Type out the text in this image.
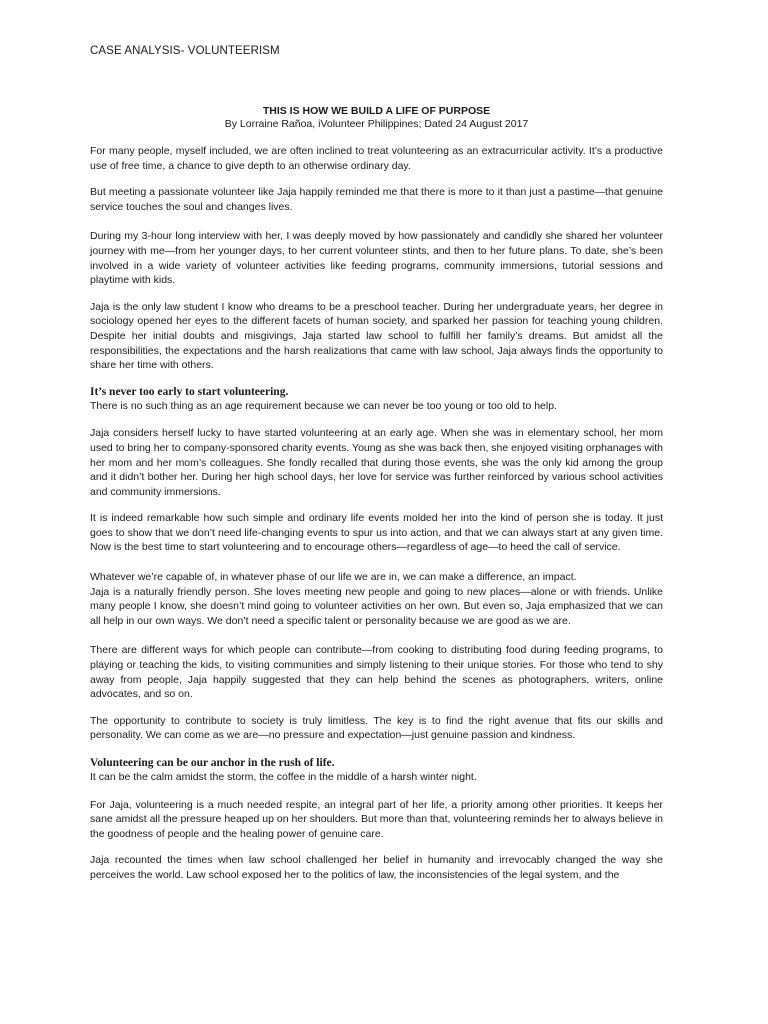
CASE ANALYSIS- VOLUNTEERISM
THIS IS HOW WE BUILD A LIFE OF PURPOSE
By Lorraine Rañoa, iVolunteer Philippines; Dated 24 August 2017

For many people, myself included, we are often inclined to treat volunteering as an extracurricular activity. It’s a productive use of free time, a chance to give depth to an otherwise ordinary day.

But meeting a passionate volunteer like Jaja happily reminded me that there is more to it than just a pastime—that genuine service touches the soul and changes lives.

During my 3-hour long interview with her, I was deeply moved by how passionately and candidly she shared her volunteer journey with me—from her younger days, to her current volunteer stints, and then to her future plans. To date, she’s been involved in a wide variety of volunteer activities like feeding programs, community immersions, tutorial sessions and playtime with kids.

Jaja is the only law student I know who dreams to be a preschool teacher. During her undergraduate years, her degree in sociology opened her eyes to the different facets of human society, and sparked her passion for teaching young children. Despite her initial doubts and misgivings, Jaja started law school to fulfill her family’s dreams. But amidst all the responsibilities, the expectations and the harsh realizations that came with law school, Jaja always finds the opportunity to share her time with others.

It’s never too early to start volunteering.

There is no such thing as an age requirement because we can never be too young or too old to help.

Jaja considers herself lucky to have started volunteering at an early age. When she was in elementary school, her mom used to bring her to company-sponsored charity events. Young as she was back then, she enjoyed visiting orphanages with her mom and her mom’s colleagues. She fondly recalled that during those events, she was the only kid among the group and it didn’t bother her. During her high school days, her love for service was further reinforced by various school activities and community immersions.

It is indeed remarkable how such simple and ordinary life events molded her into the kind of person she is today. It just goes to show that we don’t need life-changing events to spur us into action, and that we can always start at any given time. Now is the best time to start volunteering and to encourage others—regardless of age—to heed the call of service.

Whatever we’re capable of, in whatever phase of our life we are in, we can make a difference, an impact.

Jaja is a naturally friendly person. She loves meeting new people and going to new places—alone or with friends. Unlike many people I know, she doesn’t mind going to volunteer activities on her own. But even so, Jaja emphasized that we can all help in our own ways. We don’t need a specific talent or personality because we are good as we are.

There are different ways for which people can contribute—from cooking to distributing food during feeding programs, to playing or teaching the kids, to visiting communities and simply listening to their unique stories. For those who tend to shy away from people, Jaja happily suggested that they can help behind the scenes as photographers, writers, online advocates, and so on.

The opportunity to contribute to society is truly limitless. The key is to find the right avenue that fits our skills and personality. We can come as we are—no pressure and expectation—just genuine passion and kindness.

Volunteering can be our anchor in the rush of life.

It can be the calm amidst the storm, the coffee in the middle of a harsh winter night.

For Jaja, volunteering is a much needed respite, an integral part of her life, a priority among other priorities. It keeps her sane amidst all the pressure heaped up on her shoulders. But more than that, volunteering reminds her to always believe in the goodness of people and the healing power of genuine care.

Jaja recounted the times when law school challenged her belief in humanity and irrevocably changed the way she perceives the world. Law school exposed her to the politics of law, the inconsistencies of the legal system, and the
